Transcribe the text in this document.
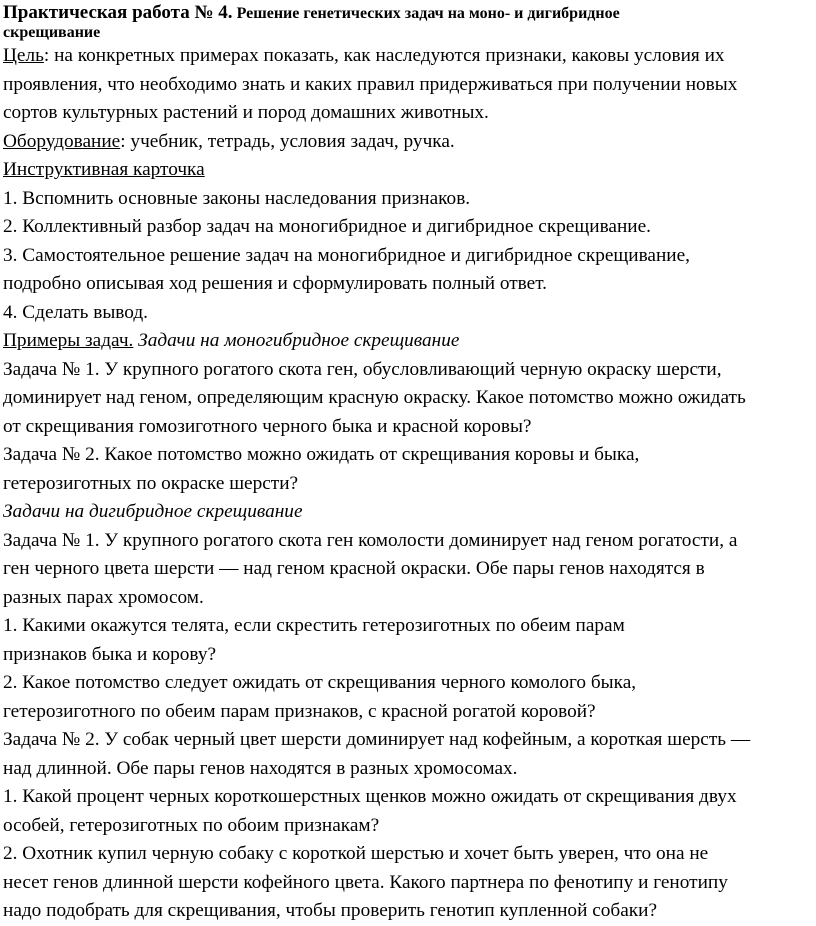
Практическая работа № 4. Решение генетических задач на моно- и дигибридное
скрещивание

Цель: на конкретных примерах показать, как наследуются признаки, каковы условия их

проявления, что необходимо знать и каких правил придерживаться при получении новых

сортов культурных растений и пород домашних животных.

Оборудование: учебник, тетрадь, условия задач, ручка.

Инструктивная карточка

1. Вспомнить основные законы наследования признаков.

2. Коллективный разбор задач на моногибридное и дигибридное скрещивание.

3. Самостоятельное решение задач на моногибридное и дигибридное скрещивание,

подробно описывая ход решения и сформулировать полный ответ.

4. Сделать вывод.

Примеры задач. Задачи на моногибридное скрещивание

Задача № 1. У крупного рогатого скота ген, обусловливающий черную окраску шерсти,

доминирует над геном, определяющим красную окраску. Какое потомство можно ожидать

от скрещивания гомозиготного черного быка и красной коровы?

Задача № 2. Какое потомство можно ожидать от скрещивания коровы и быка,

гетерозиготных по окраске шерсти?

Задачи на дигибридное скрещивание

Задача № 1. У крупного рогатого скота ген комолости доминирует над геном рогатости, а

ген черного цвета шерсти — над геном красной окраски. Обе пары генов находятся в

разных парах хромосом.

1. Какими окажутся телята, если скрестить гетерозиготных по обеим парам

признаков быка и корову?

2. Какое потомство следует ожидать от скрещивания черного комолого быка,

гетерозиготного по обеим парам признаков, с красной рогатой коровой?

Задача № 2. У собак черный цвет шерсти доминирует над кофейным, а короткая шерсть —

над длинной. Обе пары генов находятся в разных хромосомах.

1. Какой процент черных короткошерстных щенков можно ожидать от скрещивания двух

особей, гетерозиготных по обоим признакам?

2. Охотник купил черную собаку с короткой шерстью и хочет быть уверен, что она не

несет генов длинной шерсти кофейного цвета. Какого партнера по фенотипу и генотипу

надо подобрать для скрещивания, чтобы проверить генотип купленной собаки?
